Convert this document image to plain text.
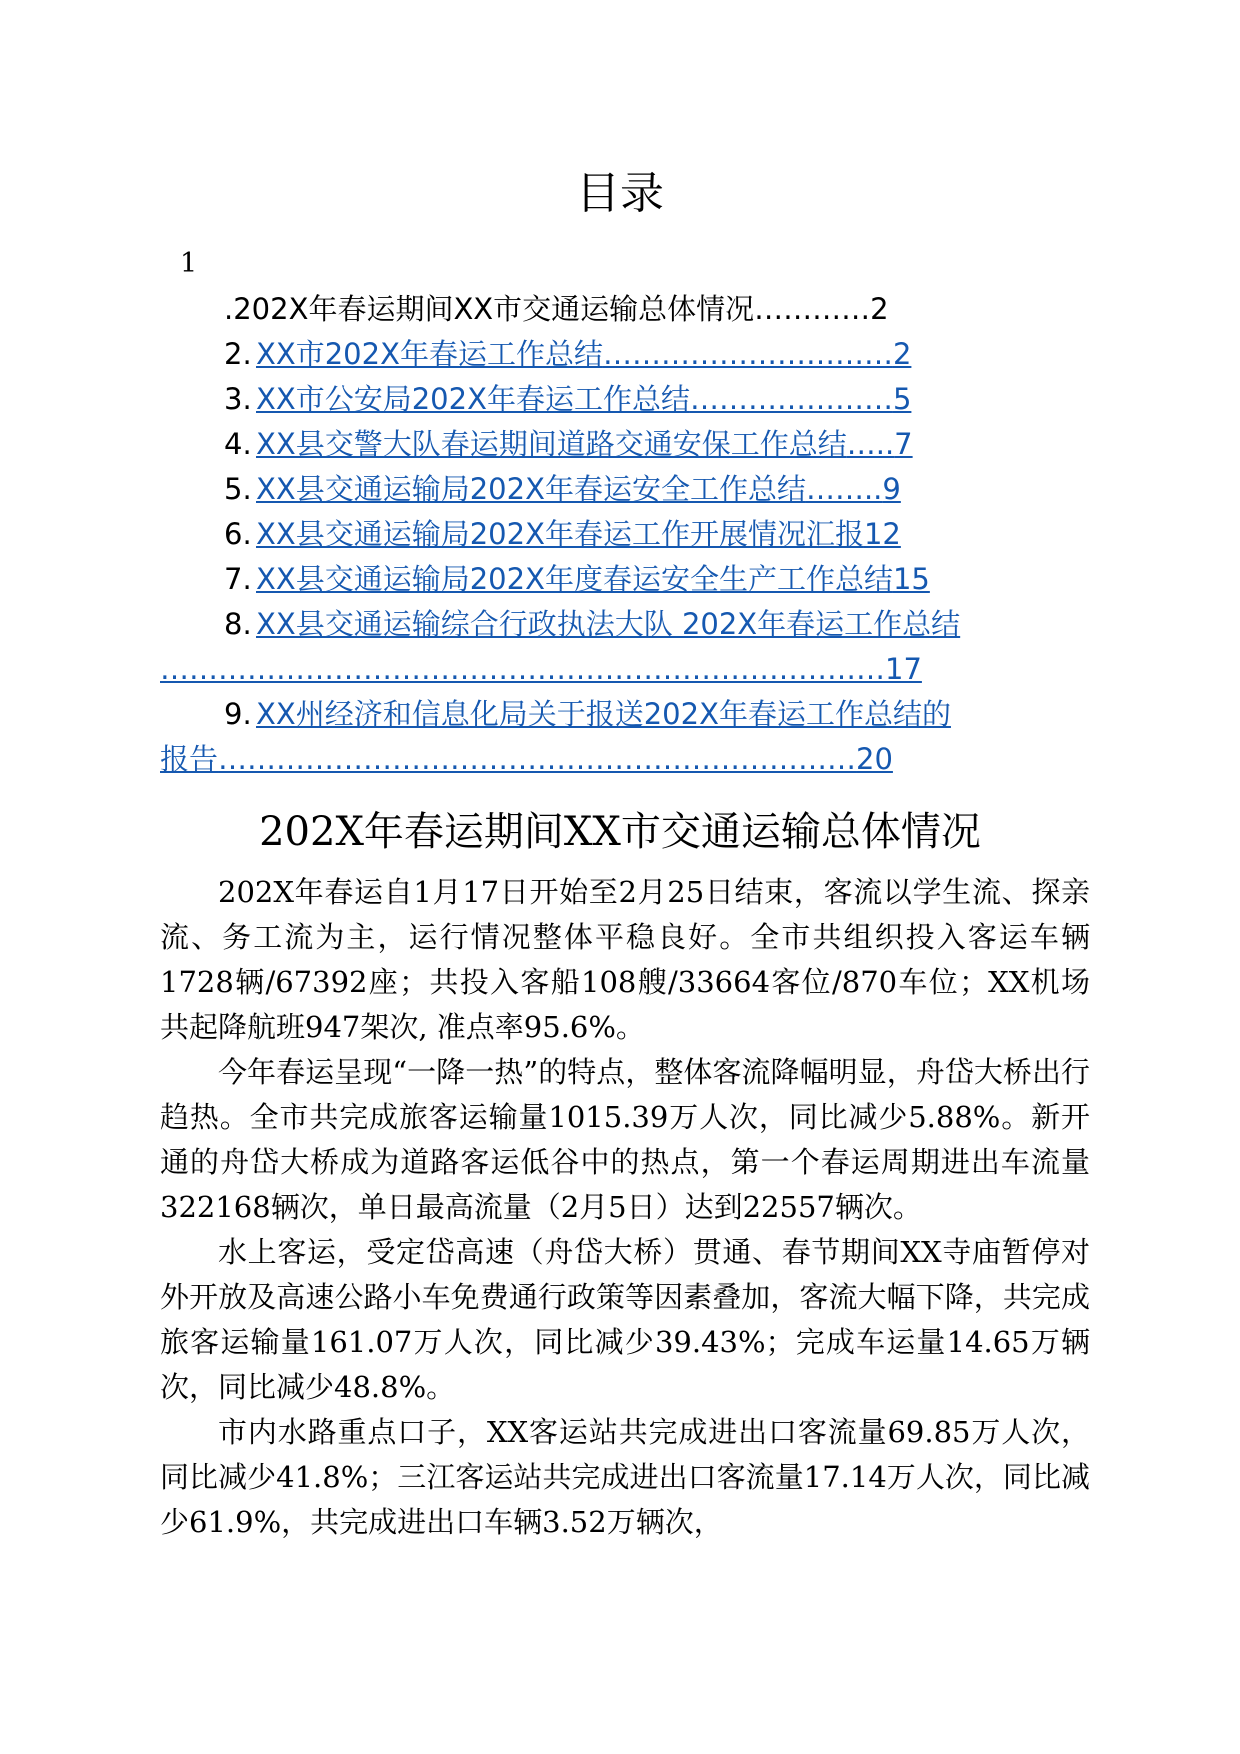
目录
1
.202X年春运期间XX市交通运输总体情况…………2
2. XX市202X年春运工作总结…………………………2
3. XX市公安局202X年春运工作总结…………………5
4. XX县交警大队春运期间道路交通安保工作总结…..7
5. XX县交通运输局202X年春运安全工作总结……..9
6. XX县交通运输局202X年春运工作开展情况汇报12
7. XX县交通运输局202X年度春运安全生产工作总结15
8. XX县交通运输综合行政执法大队 202X年春运工作总结
…………………………………………………………………17
9. XX州经济和信息化局关于报送202X年春运工作总结的
报告…………………………………………………………20
202X年春运期间XX市交通运输总体情况

202X年春运自1月17日开始至2月25日结束，客流以学生流、探亲流、务工流为主，运行情况整体平稳良好。全市共组织投入客运车辆1728辆/67392座；共投入客船108艘/33664客位/870车位；XX机场共起降航班947架次, 准点率95.6%。

今年春运呈现“一降一热”的特点，整体客流降幅明显，舟岱大桥出行趋热。全市共完成旅客运输量1015.39万人次，同比减少5.88%。新开通的舟岱大桥成为道路客运低谷中的热点，第一个春运周期进出车流量322168辆次，单日最高流量（2月5日）达到22557辆次。

水上客运，受定岱高速（舟岱大桥）贯通、春节期间XX寺庙暂停对外开放及高速公路小车免费通行政策等因素叠加，客流大幅下降，共完成旅客运输量161.07万人次，同比减少39.43%；完成车运量14.65万辆次，同比减少48.8%。

市内水路重点口子，XX客运站共完成进出口客流量69.85万人次，同比减少41.8%；三江客运站共完成进出口客流量17.14万人次，同比减少61.9%，共完成进出口车辆3.52万辆次，
